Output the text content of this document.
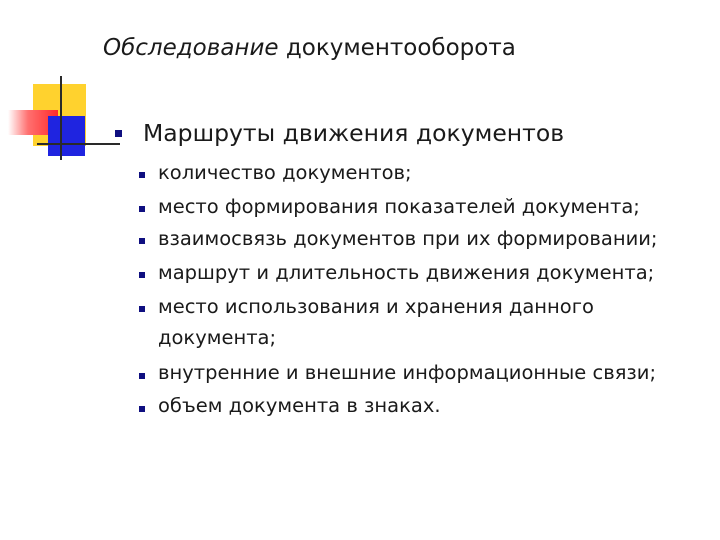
Обследование документооборота
Маршруты движения документов
количество документов;
место формирования показателей документа;
взаимосвязь документов при их формировании;
маршрут и длительность движения документа;
место использования и хранения данного
документа;
внутренние и внешние информационные связи;
объем документа в знаках.
